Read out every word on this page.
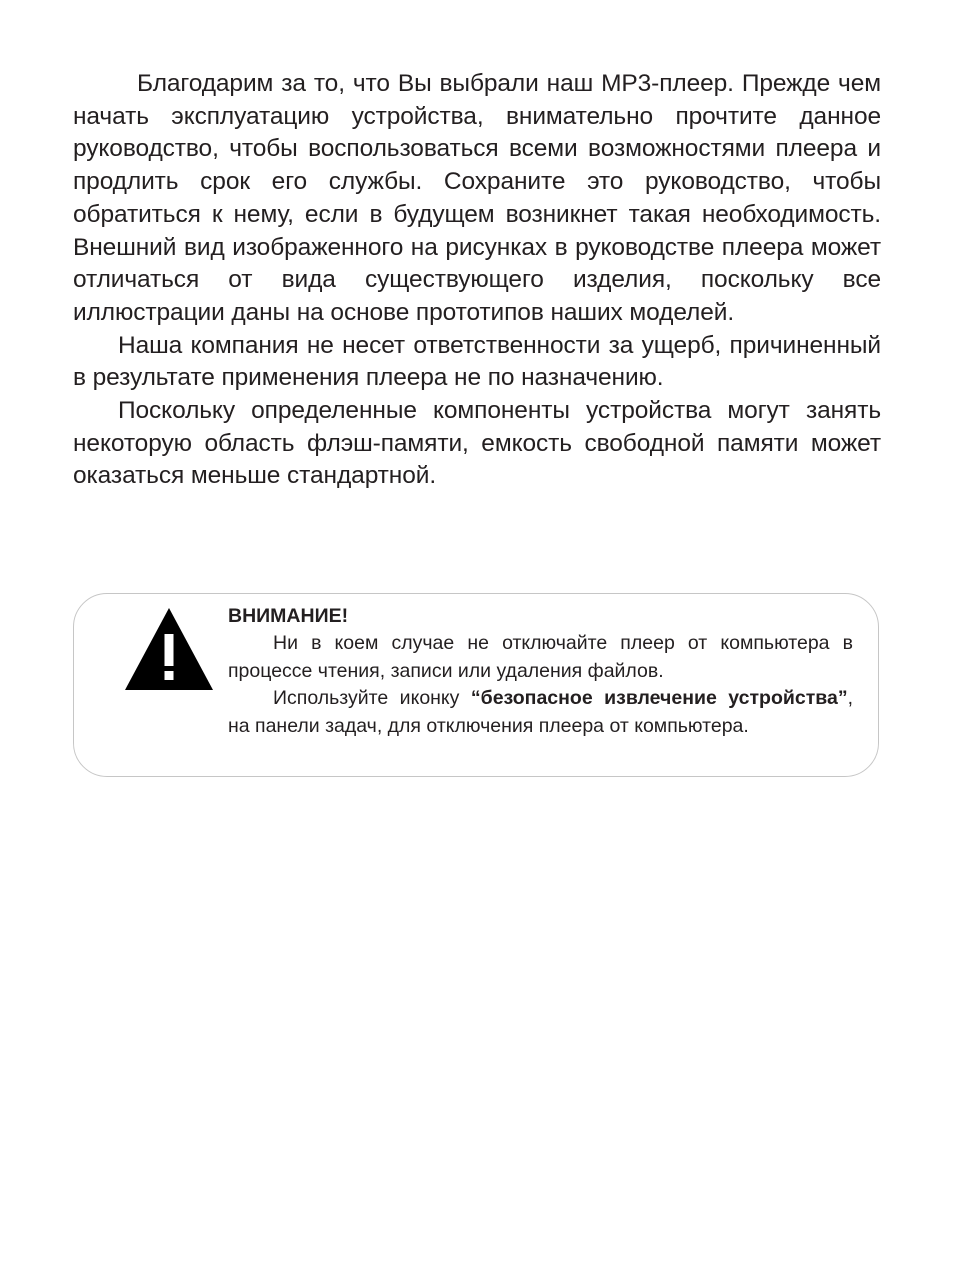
Благодарим за то, что Вы выбрали наш MP3-плеер. Прежде чем начать эксплуатацию устройства, внимательно прочтите данное руководство, чтобы воспользоваться всеми возможностями плеера и продлить срок его службы. Сохраните это руководство, чтобы обратиться к нему, если в будущем возникнет такая необходимость. Внешний вид изображенного на рисунках в руководстве плеера может отличаться от вида существующего изделия, поскольку все иллюстрации даны на основе прототипов наших моделей.

Наша компания не несет ответственности за ущерб, причиненный в результате применения плеера не по назначению.

Поскольку определенные компоненты устройства могут занять некоторую область флэш-памяти, емкость свободной памяти может оказаться меньше стандартной.

ВНИМАНИЕ!

Ни в коем случае не отключайте плеер от компьютера в процессе чтения, записи или удаления файлов.

Используйте иконку “безопасное извлечение устройства”, на панели задач, для отключения плеера от компьютера.
